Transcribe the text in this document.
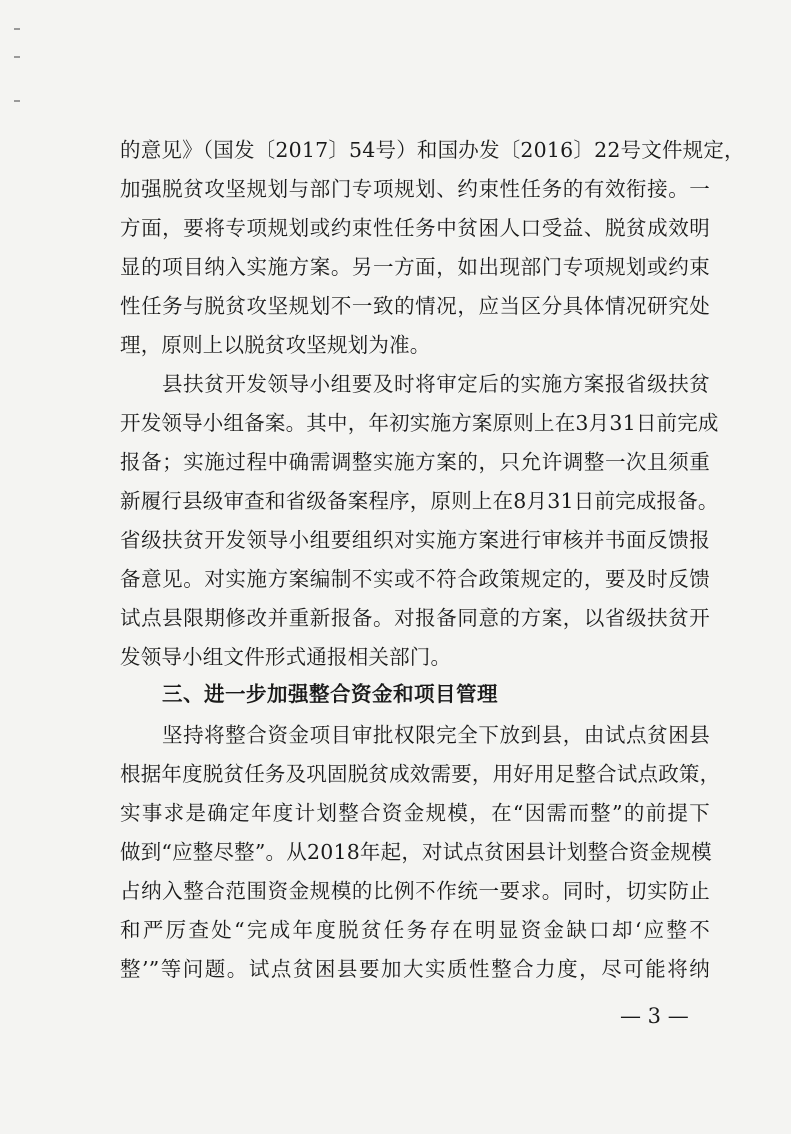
的意见》（国发〔2017〕54号）和国办发〔2016〕22号文件规定，
加强脱贫攻坚规划与部门专项规划、约束性任务的有效衔接。一
方面，要将专项规划或约束性任务中贫困人口受益、脱贫成效明
显的项目纳入实施方案。另一方面，如出现部门专项规划或约束
性任务与脱贫攻坚规划不一致的情况，应当区分具体情况研究处
理，原则上以脱贫攻坚规划为准。
县扶贫开发领导小组要及时将审定后的实施方案报省级扶贫
开发领导小组备案。其中，年初实施方案原则上在3月31日前完成
报备；实施过程中确需调整实施方案的，只允许调整一次且须重
新履行县级审查和省级备案程序，原则上在8月31日前完成报备。
省级扶贫开发领导小组要组织对实施方案进行审核并书面反馈报
备意见。对实施方案编制不实或不符合政策规定的，要及时反馈
试点县限期修改并重新报备。对报备同意的方案，以省级扶贫开
发领导小组文件形式通报相关部门。
三、进一步加强整合资金和项目管理
坚持将整合资金项目审批权限完全下放到县，由试点贫困县
根据年度脱贫任务及巩固脱贫成效需要，用好用足整合试点政策，
实事求是确定年度计划整合资金规模，在“因需而整”的前提下
做到“应整尽整”。从2018年起，对试点贫困县计划整合资金规模
占纳入整合范围资金规模的比例不作统一要求。同时，切实防止
和严厉查处“完成年度脱贫任务存在明显资金缺口却‘应整不
整’”等问题。试点贫困县要加大实质性整合力度，尽可能将纳
— 3 —
